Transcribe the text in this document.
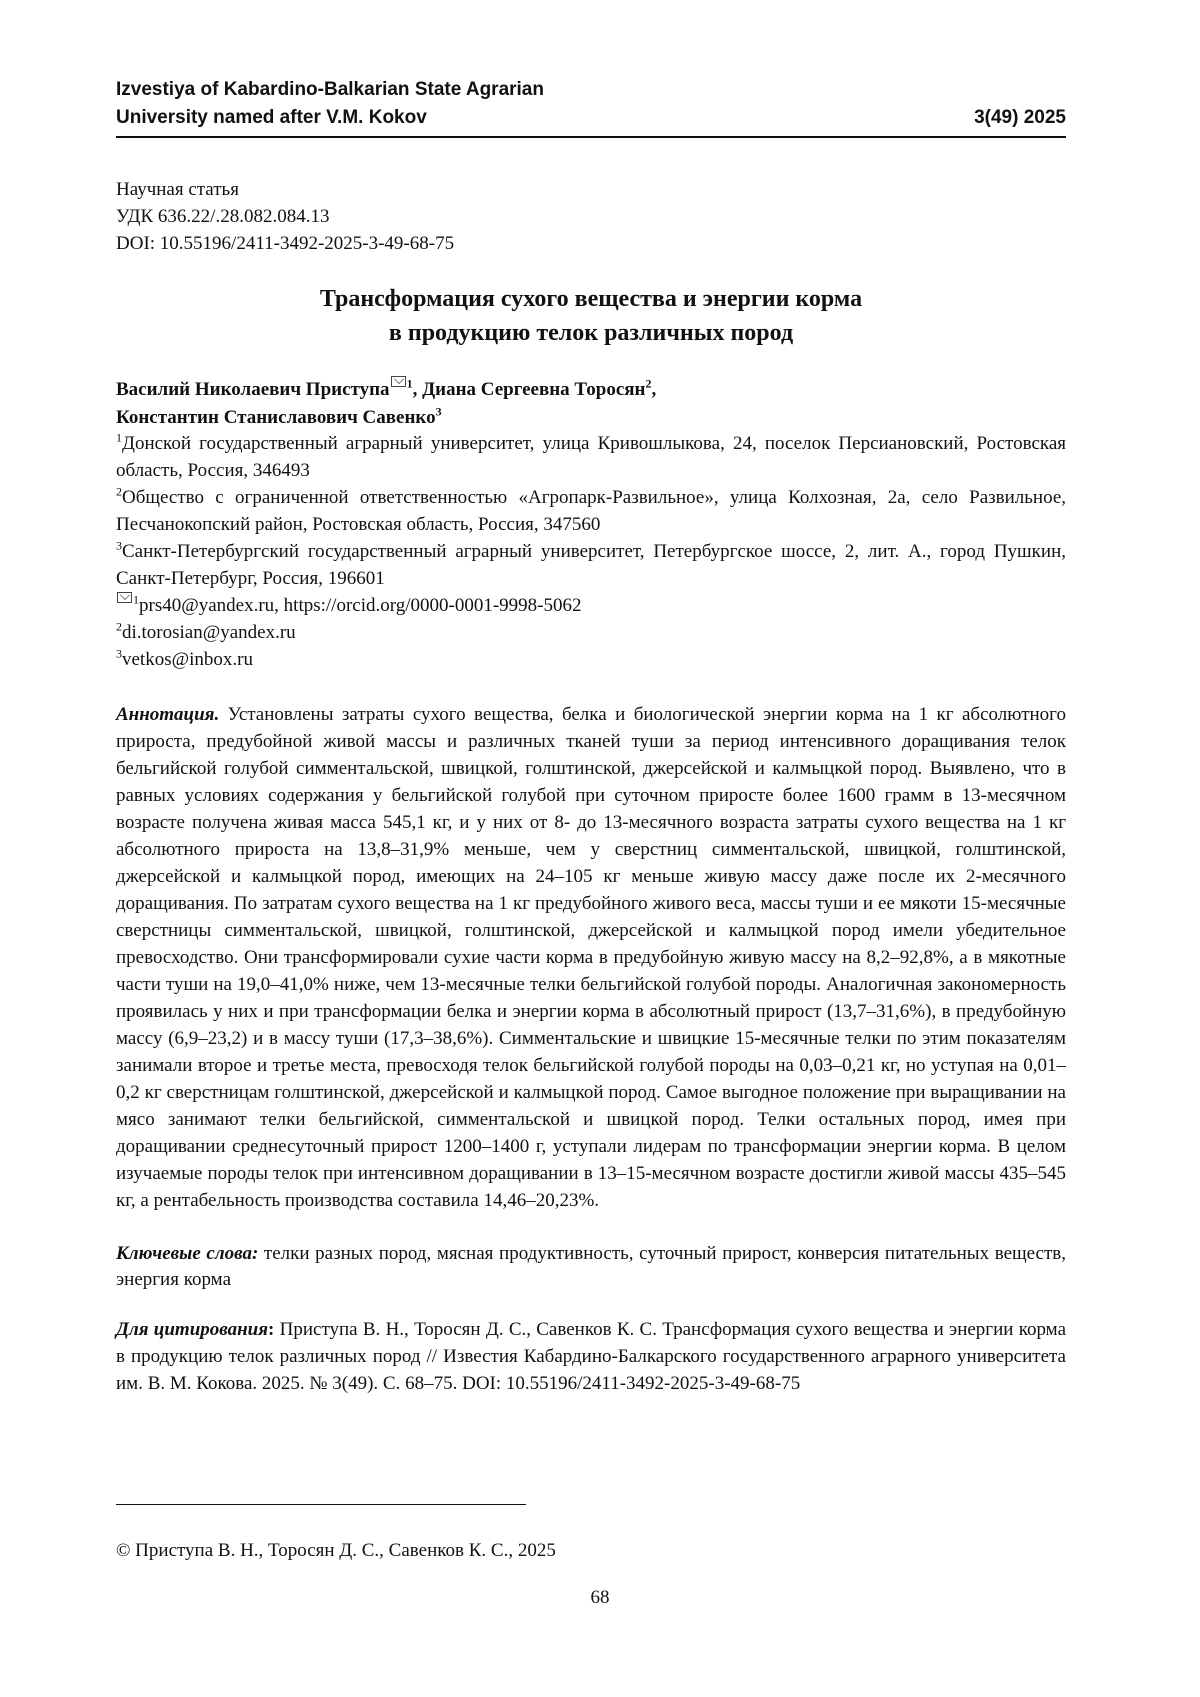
Izvestiya of Kabardino-Balkarian State Agrarian
University named after V.M. Kokov	3(49) 2025
Научная статья
УДК 636.22/.28.082.084.13
DOI: 10.55196/2411-3492-2025-3-49-68-75
Трансформация сухого вещества и энергии корма
в продукцию телок различных пород
Василий Николаевич Приступа $^1$, Диана Сергеевна Торосян$^2$,
Константин Станиславович Савенко$^3$

$^1$Донской государственный аграрный университет, улица Кривошлыкова, 24, поселок Персиановский, Ростовская область, Россия, 346493

$^2$Общество с ограниченной ответственностью «Агропарк-Развильное», улица Колхозная, 2а, село Развильное, Песчанокопский район, Ростовская область, Россия, 347560

$^3$Санкт-Петербургский государственный аграрный университет, Петербургское шоссе, 2, лит. А., город Пушкин, Санкт-Петербург, Россия, 196601

$^1$prs40@yandex.ru, https://orcid.org/0000-0001-9998-5062

$^2$di.torosian@yandex.ru

$^3$vetkos@inbox.ru

Аннотация. Установлены затраты сухого вещества, белка и биологической энергии корма на 1 кг абсолютного прироста, предубойной живой массы и различных тканей туши за период интенсивного доращивания телок бельгийской голубой симментальской, швицкой, голштинской, джерсейской и калмыцкой пород. Выявлено, что в равных условиях содержания у бельгийской голубой при суточном приросте более 1600 грамм в 13-месячном возрасте получена живая масса 545,1 кг, и у них от 8- до 13-месячного возраста затраты сухого вещества на 1 кг абсолютного прироста на 13,8–31,9% меньше, чем у сверстниц симментальской, швицкой, голштинской, джерсейской и калмыцкой пород, имеющих на 24–105 кг меньше живую массу даже после их 2-месячного доращивания. По затратам сухого вещества на 1 кг предубойного живого веса, массы туши и ее мякоти 15-месячные сверстницы симментальской, швицкой, голштинской, джерсейской и калмыцкой пород имели убедительное превосходство. Они трансформировали сухие части корма в предубойную живую массу на 8,2–92,8%, а в мякотные части туши на 19,0–41,0% ниже, чем 13-месячные телки бельгийской голубой породы. Аналогичная закономерность проявилась у них и при трансформации белка и энергии корма в абсолютный прирост (13,7–31,6%), в предубойную массу (6,9–23,2) и в массу туши (17,3–38,6%). Симментальские и швицкие 15-месячные телки по этим показателям занимали второе и третье места, превосходя телок бельгийской голубой породы на 0,03–0,21 кг, но уступая на 0,01–0,2 кг сверстницам голштинской, джерсейской и калмыцкой пород. Самое выгодное положение при выращивании на мясо занимают телки бельгийской, симментальской и швицкой пород. Телки остальных пород, имея при доращивании среднесуточный прирост 1200–1400 г, уступали лидерам по трансформации энергии корма. В целом изучаемые породы телок при интенсивном доращивании в 13–15-месячном возрасте достигли живой массы 435–545 кг, а рентабельность производства составила 14,46–20,23%.
Ключевые слова: телки разных пород, мясная продуктивность, суточный прирост, конверсия питательных веществ, энергия корма
Для цитирования: Приступа В. Н., Торосян Д. С., Савенков К. С. Трансформация сухого вещества и энергии корма в продукцию телок различных пород // Известия Кабардино-Балкарского государственного аграрного университета им. В. М. Кокова. 2025. № 3(49). С. 68–75. DOI: 10.55196/2411-3492-2025-3-49-68-75
© Приступа В. Н., Торосян Д. С., Савенков К. С., 2025
68
